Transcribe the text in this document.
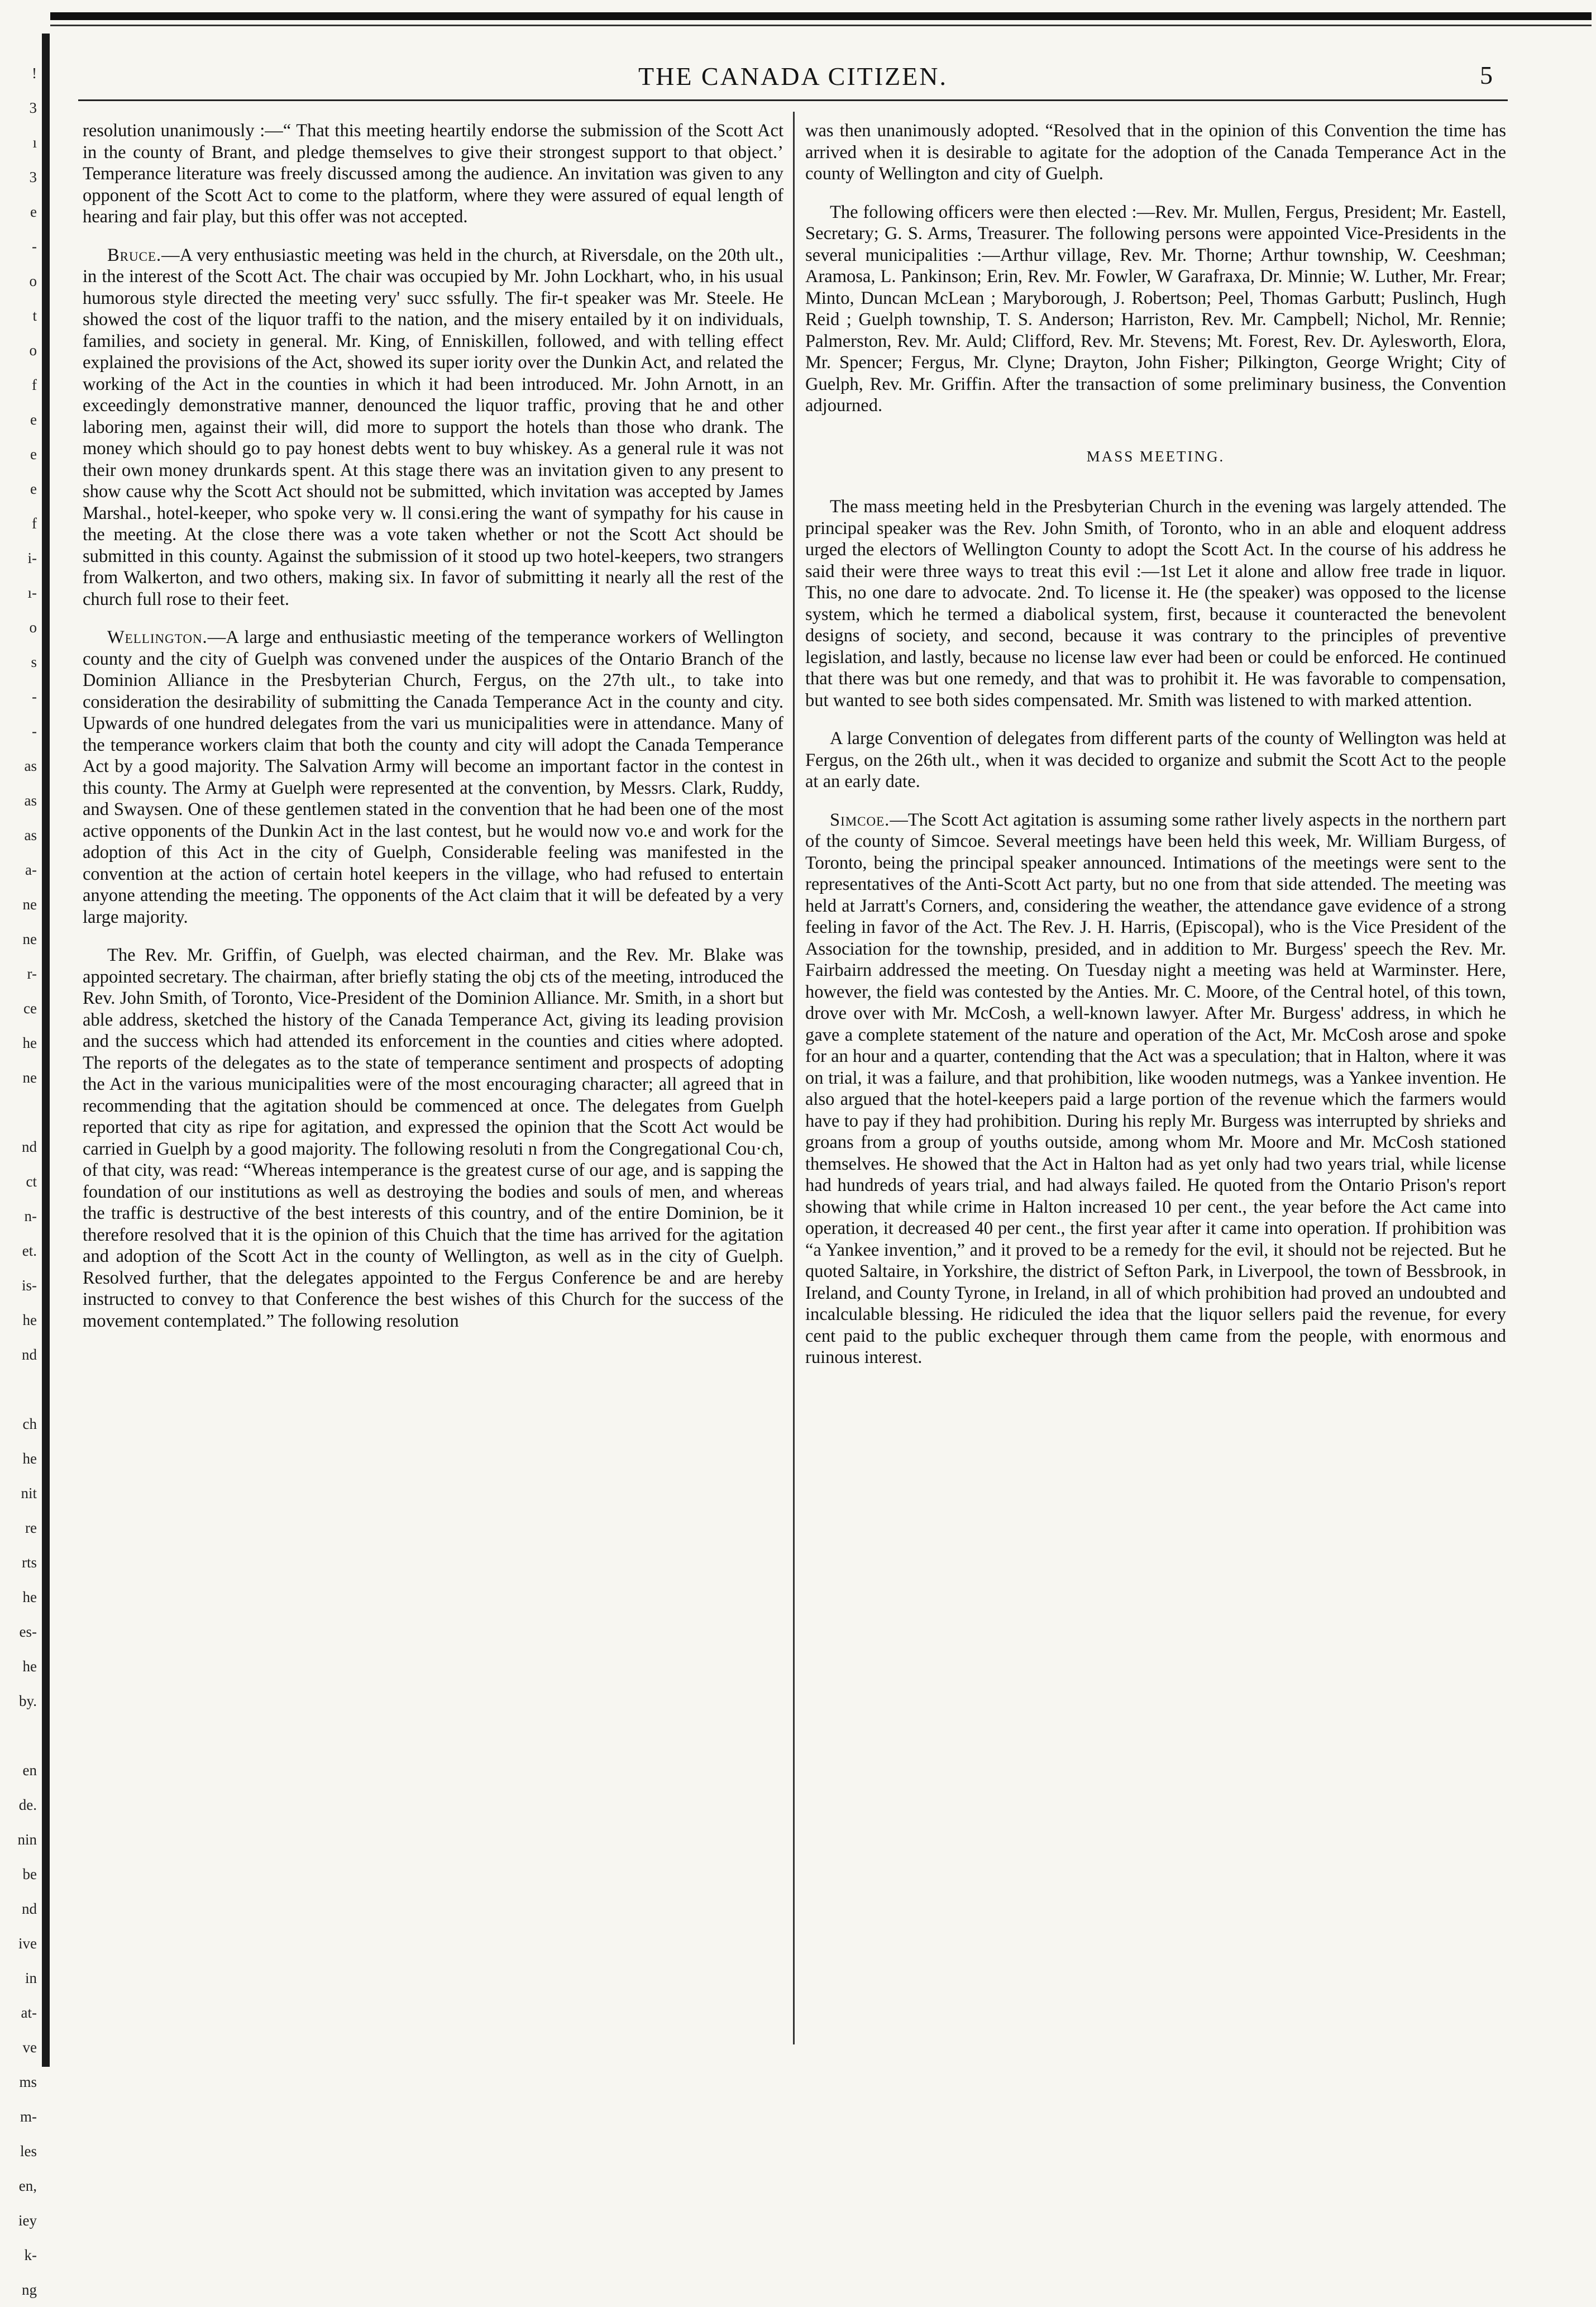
!
3
ı
3
e
-
o
t
o
f
e
e
e
f
i-
ı-
o
s
-
-
as
as
as
a-
ne
ne
r-
ce
he
ne
nd
ct
n-
et.
is-
he
nd
ch
he
nit
re
rts
he
es-
he
by.
en
de.
nin
be
nd
ive
in
at-
ve
ms
m-
les
en,
iey
k-
ng
THE CANADA CITIZEN.	5

resolution unanimously :—“ That this meeting heartily endorse the submission of the Scott Act in the county of Brant, and pledge themselves to give their strongest support to that object.’ Temperance literature was freely discussed among the audience. An invitation was given to any opponent of the Scott Act to come to the platform, where they were assured of equal length of hearing and fair play, but this offer was not accepted.

Bruce.—A very enthusiastic meeting was held in the church, at Riversdale, on the 20th ult., in the interest of the Scott Act. The chair was occupied by Mr. John Lockhart, who, in his usual humorous style directed the meeting very' succ ssfully. The fir-t speaker was Mr. Steele. He showed the cost of the liquor traffi to the nation, and the misery entailed by it on individuals, families, and society in general. Mr. King, of Enniskillen, followed, and with telling effect explained the provisions of the Act, showed its super iority over the Dunkin Act, and related the working of the Act in the counties in which it had been introduced. Mr. John Arnott, in an exceedingly demonstrative manner, denounced the liquor traffic, proving that he and other laboring men, against their will, did more to support the hotels than those who drank. The money which should go to pay honest debts went to buy whiskey. As a general rule it was not their own money drunkards spent. At this stage there was an invitation given to any present to show cause why the Scott Act should not be submitted, which invitation was accepted by James Marshal., hotel-keeper, who spoke very w. ll consi.ering the want of sympathy for his cause in the meeting. At the close there was a vote taken whether or not the Scott Act should be submitted in this county. Against the submission of it stood up two hotel-keepers, two strangers from Walkerton, and two others, making six. In favor of submitting it nearly all the rest of the church full rose to their feet.

Wellington.—A large and enthusiastic meeting of the temperance workers of Wellington county and the city of Guelph was convened under the auspices of the Ontario Branch of the Dominion Alliance in the Presbyterian Church, Fergus, on the 27th ult., to take into consideration the desirability of submitting the Canada Temperance Act in the county and city. Upwards of one hundred delegates from the vari us municipalities were in attendance. Many of the temperance workers claim that both the county and city will adopt the Canada Temperance Act by a good majority. The Salvation Army will become an important factor in the contest in this county. The Army at Guelph were represented at the convention, by Messrs. Clark, Ruddy, and Swaysen. One of these gentlemen stated in the convention that he had been one of the most active opponents of the Dunkin Act in the last contest, but he would now vo.e and work for the adoption of this Act in the city of Guelph, Considerable feeling was manifested in the convention at the action of certain hotel keepers in the village, who had refused to entertain anyone attending the meeting. The opponents of the Act claim that it will be defeated by a very large majority.

The Rev. Mr. Griffin, of Guelph, was elected chairman, and the Rev. Mr. Blake was appointed secretary. The chairman, after briefly stating the obj cts of the meeting, introduced the Rev. John Smith, of Toronto, Vice-President of the Dominion Alliance. Mr. Smith, in a short but able address, sketched the history of the Canada Temperance Act, giving its leading provision and the success which had attended its enforcement in the counties and cities where adopted. The reports of the delegates as to the state of temperance sentiment and prospects of adopting the Act in the various municipalities were of the most encouraging character; all agreed that in recommending that the agitation should be commenced at once. The delegates from Guelph reported that city as ripe for agitation, and expressed the opinion that the Scott Act would be carried in Guelph by a good majority. The following resoluti n from the Congregational Cou·ch, of that city, was read: “Whereas intemperance is the greatest curse of our age, and is sapping the foundation of our institutions as well as destroying the bodies and souls of men, and whereas the traffic is destructive of the best interests of this country, and of the entire Dominion, be it therefore resolved that it is the opinion of this Chuich that the time has arrived for the agitation and adoption of the Scott Act in the county of Wellington, as well as in the city of Guelph. Resolved further, that the delegates appointed to the Fergus Conference be and are hereby instructed to convey to that Conference the best wishes of this Church for the success of the movement contemplated.” The following resolution

was then unanimously adopted. “Resolved that in the opinion of this Convention the time has arrived when it is desirable to agitate for the adoption of the Canada Temperance Act in the county of Wellington and city of Guelph.

The following officers were then elected :—Rev. Mr. Mullen, Fergus, President; Mr. Eastell, Secretary; G. S. Arms, Treasurer. The following persons were appointed Vice-Presidents in the several municipalities :—Arthur village, Rev. Mr. Thorne; Arthur township, W. Ceeshman; Aramosa, L. Pankinson; Erin, Rev. Mr. Fowler, W Garafraxa, Dr. Minnie; W. Luther, Mr. Frear; Minto, Duncan McLean ; Maryborough, J. Robertson; Peel, Thomas Garbutt; Puslinch, Hugh Reid ; Guelph township, T. S. Anderson; Harriston, Rev. Mr. Campbell; Nichol, Mr. Rennie; Palmerston, Rev. Mr. Auld; Clifford, Rev. Mr. Stevens; Mt. Forest, Rev. Dr. Aylesworth, Elora, Mr. Spencer; Fergus, Mr. Clyne; Drayton, John Fisher; Pilkington, George Wright; City of Guelph, Rev. Mr. Griffin. After the transaction of some preliminary business, the Convention adjourned.

MASS MEETING.

The mass meeting held in the Presbyterian Church in the evening was largely attended. The principal speaker was the Rev. John Smith, of Toronto, who in an able and eloquent address urged the electors of Wellington County to adopt the Scott Act. In the course of his address he said their were three ways to treat this evil :—1st Let it alone and allow free trade in liquor. This, no one dare to advocate. 2nd. To license it. He (the speaker) was opposed to the license system, which he termed a diabolical system, first, because it counteracted the benevolent designs of society, and second, because it was contrary to the principles of preventive legislation, and lastly, because no license law ever had been or could be enforced. He continued that there was but one remedy, and that was to prohibit it. He was favorable to compensation, but wanted to see both sides compensated. Mr. Smith was listened to with marked attention.

A large Convention of delegates from different parts of the county of Wellington was held at Fergus, on the 26th ult., when it was decided to organize and submit the Scott Act to the people at an early date.

Simcoe.—The Scott Act agitation is assuming some rather lively aspects in the northern part of the county of Simcoe. Several meetings have been held this week, Mr. William Burgess, of Toronto, being the principal speaker announced. Intimations of the meetings were sent to the representatives of the Anti-Scott Act party, but no one from that side attended. The meeting was held at Jarratt's Corners, and, considering the weather, the attendance gave evidence of a strong feeling in favor of the Act. The Rev. J. H. Harris, (Episcopal), who is the Vice President of the Association for the township, presided, and in addition to Mr. Burgess' speech the Rev. Mr. Fairbairn addressed the meeting. On Tuesday night a meeting was held at Warminster. Here, however, the field was contested by the Anties. Mr. C. Moore, of the Central hotel, of this town, drove over with Mr. McCosh, a well-known lawyer. After Mr. Burgess' address, in which he gave a complete statement of the nature and operation of the Act, Mr. McCosh arose and spoke for an hour and a quarter, contending that the Act was a speculation; that in Halton, where it was on trial, it was a failure, and that prohibition, like wooden nutmegs, was a Yankee invention. He also argued that the hotel-keepers paid a large portion of the revenue which the farmers would have to pay if they had prohibition. During his reply Mr. Burgess was interrupted by shrieks and groans from a group of youths outside, among whom Mr. Moore and Mr. McCosh stationed themselves. He showed that the Act in Halton had as yet only had two years trial, while license had hundreds of years trial, and had always failed. He quoted from the Ontario Prison's report showing that while crime in Halton increased 10 per cent., the year before the Act came into operation, it decreased 40 per cent., the first year after it came into operation. If prohibition was “a Yankee invention,” and it proved to be a remedy for the evil, it should not be rejected. But he quoted Saltaire, in Yorkshire, the district of Sefton Park, in Liverpool, the town of Bessbrook, in Ireland, and County Tyrone, in Ireland, in all of which prohibition had proved an undoubted and incalculable blessing. He ridiculed the idea that the liquor sellers paid the revenue, for every cent paid to the public exchequer through them came from the people, with enormous and ruinous interest.
